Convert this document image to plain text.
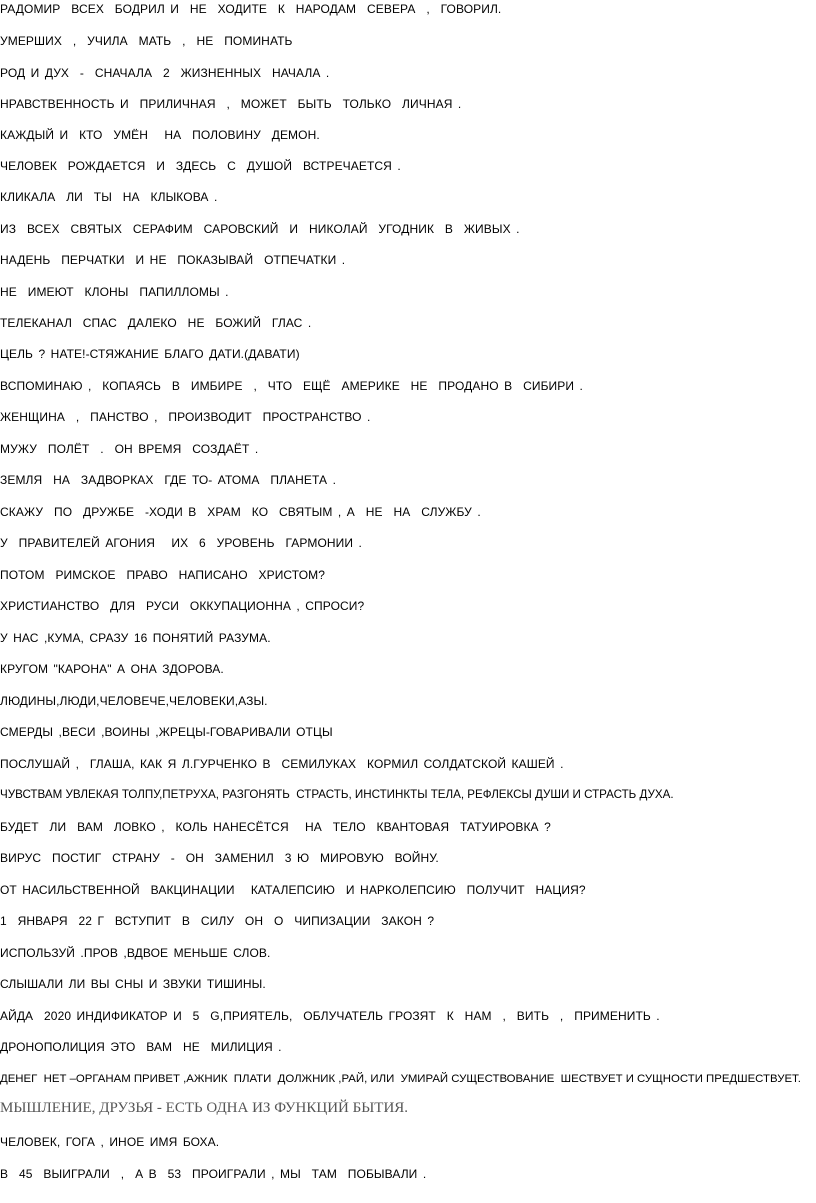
РАДОМИР  ВСЕХ  БОДРИЛ И  НЕ  ХОДИТЕ  К  НАРОДАМ  СЕВЕРА  ,  ГОВОРИЛ.

УМЕРШИХ  ,  УЧИЛА  МАТЬ  ,  НЕ  ПОМИНАТЬ

РОД И ДУХ  -  СНАЧАЛА  2  ЖИЗНЕННЫХ  НАЧАЛА .

НРАВСТВЕННОСТЬ И  ПРИЛИЧНАЯ  ,  МОЖЕТ  БЫТЬ  ТОЛЬКО  ЛИЧНАЯ .

КАЖДЫЙ И  КТО  УМЁН   НА  ПОЛОВИНУ  ДЕМОН.

ЧЕЛОВЕК  РОЖДАЕТСЯ  И  ЗДЕСЬ  С  ДУШОЙ  ВСТРЕЧАЕТСЯ .

КЛИКАЛА  ЛИ  ТЫ  НА  КЛЫКОВА .

ИЗ  ВСЕХ  СВЯТЫХ  СЕРАФИМ  САРОВСКИЙ  И  НИКОЛАЙ  УГОДНИК  В  ЖИВЫХ .

НАДЕНЬ  ПЕРЧАТКИ  И НЕ  ПОКАЗЫВАЙ  ОТПЕЧАТКИ .

НЕ  ИМЕЮТ  КЛОНЫ  ПАПИЛЛОМЫ .

ТЕЛЕКАНАЛ  СПАС  ДАЛЕКО  НЕ  БОЖИЙ  ГЛАС .

ЦЕЛЬ ? НАТЕ!-СТЯЖАНИЕ БЛАГО ДАТИ.(ДАВАТИ)

ВСПОМИНАЮ ,  КОПАЯСЬ  В  ИМБИРЕ  ,  ЧТО  ЕЩЁ  АМЕРИКЕ  НЕ  ПРОДАНО В  СИБИРИ .

ЖЕНЩИНА  ,  ПАНСТВО ,  ПРОИЗВОДИТ  ПРОСТРАНСТВО .

МУЖУ  ПОЛЁТ  .  ОН ВРЕМЯ  СОЗДАЁТ .

ЗЕМЛЯ  НА  ЗАДВОРКАХ  ГДЕ ТО- АТОМА  ПЛАНЕТА .

СКАЖУ  ПО  ДРУЖБЕ  -ХОДИ В  ХРАМ  КО  СВЯТЫМ , А  НЕ  НА  СЛУЖБУ .

У  ПРАВИТЕЛЕЙ АГОНИЯ   ИХ  6  УРОВЕНЬ  ГАРМОНИИ .

ПОТОМ  РИМСКОЕ  ПРАВО  НАПИСАНО  ХРИСТОМ?

ХРИСТИАНСТВО  ДЛЯ  РУСИ  ОККУПАЦИОННА , СПРОСИ?

У НАС ,КУМА, СРАЗУ 16 ПОНЯТИЙ РАЗУМА.

КРУГОМ "КАРОНА" А ОНА ЗДОРОВА.

ЛЮДИНЫ,ЛЮДИ,ЧЕЛОВЕЧЕ,ЧЕЛОВЕКИ,АЗЫ.

СМЕРДЫ ,ВЕСИ ,ВОИНЫ ,ЖРЕЦЫ-ГОВАРИВАЛИ ОТЦЫ

ПОСЛУШАЙ ,  ГЛАША, КАК Я Л.ГУРЧЕНКО В  СЕМИЛУКАХ  КОРМИЛ СОЛДАТСКОЙ КАШЕЙ .

ЧУВСТВАМ УВЛЕКАЯ ТОЛПУ,ПЕТРУХА, РАЗГОНЯТЬ  СТРАСТЬ, ИНСТИНКТЫ ТЕЛА, РЕФЛЕКСЫ ДУШИ И СТРАСТЬ ДУХА.

БУДЕТ  ЛИ  ВАМ  ЛОВКО ,  КОЛЬ НАНЕСЁТСЯ   НА  ТЕЛО  КВАНТОВАЯ  ТАТУИРОВКА ?

ВИРУС  ПОСТИГ  СТРАНУ  -  ОН  ЗАМЕНИЛ  3 Ю  МИРОВУЮ  ВОЙНУ.

ОТ НАСИЛЬСТВЕННОЙ  ВАКЦИНАЦИИ   КАТАЛЕПСИЮ  И НАРКОЛЕПСИЮ  ПОЛУЧИТ  НАЦИЯ?

1  ЯНВАРЯ  22 Г  ВСТУПИТ  В  СИЛУ  ОН  О  ЧИПИЗАЦИИ  ЗАКОН ?

ИСПОЛЬЗУЙ .ПРОВ ,ВДВОЕ МЕНЬШЕ СЛОВ.

СЛЫШАЛИ ЛИ ВЫ СНЫ И ЗВУКИ ТИШИНЫ.

АЙДА  2020 ИНДИФИКАТОР И  5  G,ПРИЯТЕЛЬ,  ОБЛУЧАТЕЛЬ ГРОЗЯТ  К  НАМ  ,  ВИТЬ  ,  ПРИМЕНИТЬ .

ДРОНОПОЛИЦИЯ ЭТО  ВАМ  НЕ  МИЛИЦИЯ .

ДЕНЕГ  НЕТ –ОРГАНАМ ПРИВЕТ ,АЖНИК  ПЛАТИ  ДОЛЖНИК ,РАЙ, ИЛИ  УМИРАЙ СУЩЕСТВОВАНИЕ  ШЕСТВУЕТ И СУЩНОСТИ ПРЕДШЕСТВУЕТ.

МЫШЛЕНИЕ, ДРУЗЬЯ - ЕСТЬ ОДНА ИЗ ФУНКЦИЙ БЫТИЯ.

ЧЕЛОВЕК, ГОГА , ИНОЕ ИМЯ БОХА.

В  45  ВЫИГРАЛИ  ,  А В  53  ПРОИГРАЛИ , МЫ  ТАМ  ПОБЫВАЛИ .
